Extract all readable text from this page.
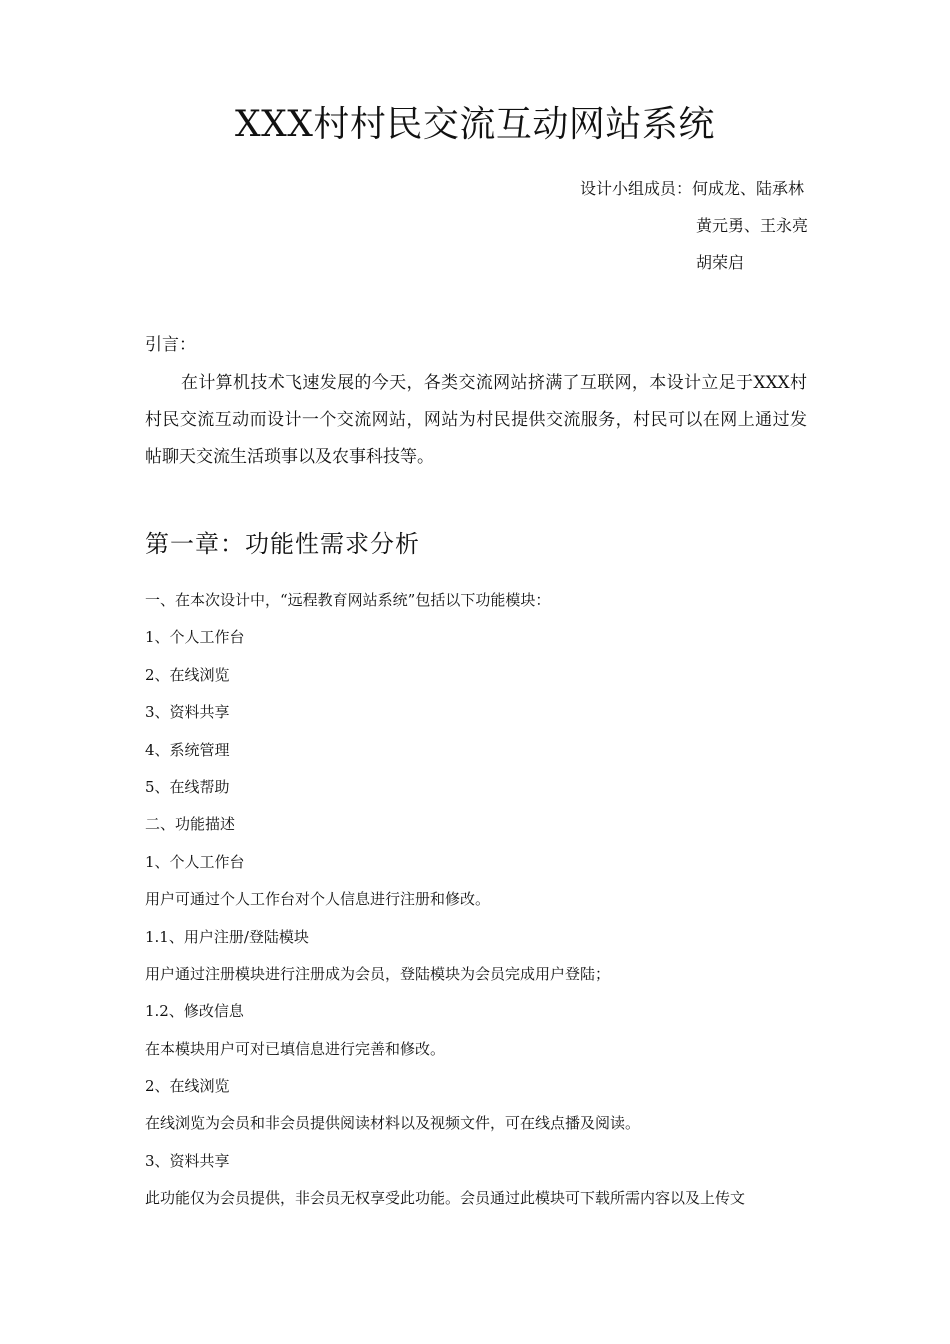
XXX村村民交流互动网站系统
设计小组成员：何成龙、陆承林
黄元勇、王永亮
胡荣启
引言：
在计算机技术飞速发展的今天，各类交流网站挤满了互联网，本设计立足于XXX村村民交流互动而设计一个交流网站，网站为村民提供交流服务，村民可以在网上通过发帖聊天交流生活琐事以及农事科技等。
第一章：功能性需求分析
一、在本次设计中，“远程教育网站系统”包括以下功能模块：
1、个人工作台
2、在线浏览
3、资料共享
4、系统管理
5、在线帮助
二、功能描述
1、个人工作台
用户可通过个人工作台对个人信息进行注册和修改。
1.1、用户注册/登陆模块
用户通过注册模块进行注册成为会员，登陆模块为会员完成用户登陆；
1.2、修改信息
在本模块用户可对已填信息进行完善和修改。
2、在线浏览
在线浏览为会员和非会员提供阅读材料以及视频文件，可在线点播及阅读。
3、资料共享
此功能仅为会员提供，非会员无权享受此功能。会员通过此模块可下载所需内容以及上传文
